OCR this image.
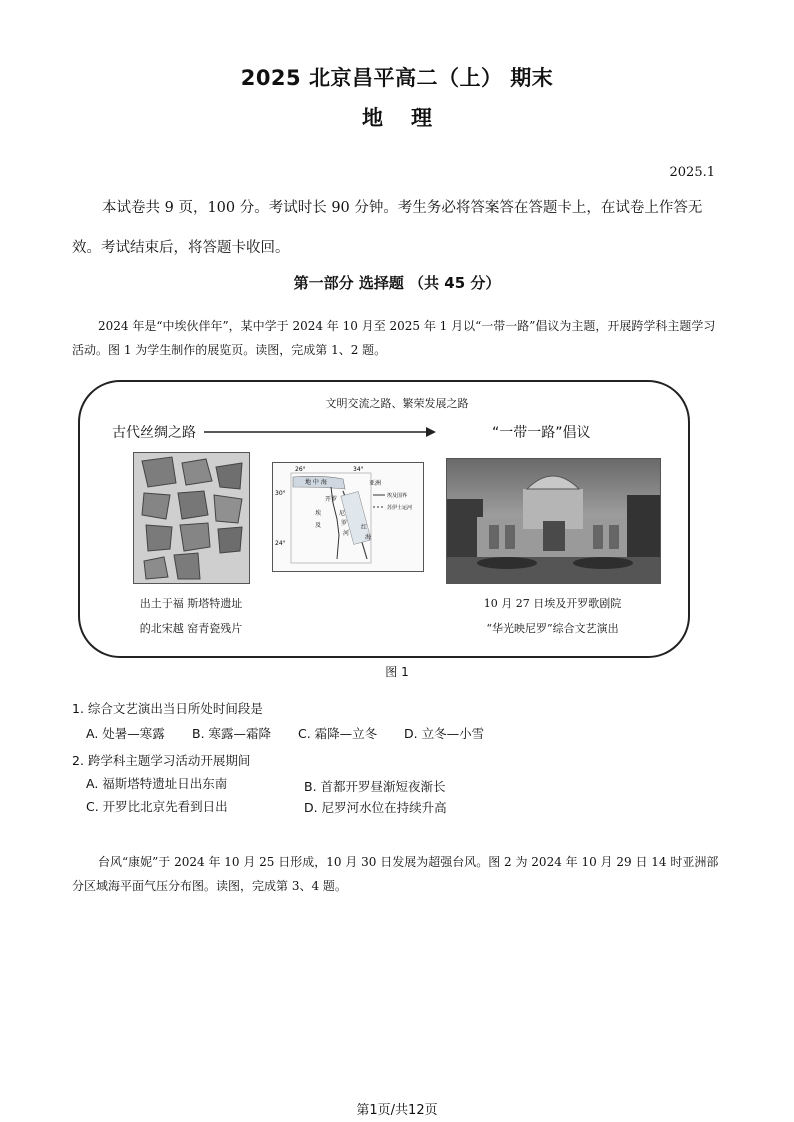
2025 北京昌平高二（上） 期末
地理
2025.1
本试卷共 9 页，100 分。考试时长 90 分钟。考生务必将答案答在答题卡上，在试卷上作答无效。考试结束后，将答题卡收回。
第一部分 选择题 （共 45 分）
2024 年是“中埃伙伴年”，某中学于 2024 年 10 月至 2025 年 1 月以“一带一路”倡议为主题，开展跨学科主题学习活动。图 1 为学生制作的展览页。读图，完成第 1、2 题。
文明交流之路、繁荣发展之路
古代丝绸之路	“一带一路”倡议
26°	34°
30°
24°
地 中 海	亚洲
开罗
埃
及
尼
罗
河
红
海
埃及国界
苏伊士运河
出土于福 斯塔特遗址
的北宋越 窑青瓷残片
10 月 27 日埃及开罗歌剧院
“华光映尼罗”综合文艺演出
图 1
1. 综合文艺演出当日所处时间段是
A. 处暑—寒露 B. 寒露—霜降 C. 霜降—立冬 D. 立冬—小雪
2. 跨学科主题学习活动开展期间
A. 福斯塔特遗址日出东南	B. 首都开罗昼渐短夜渐长
C. 开罗比北京先看到日出	D. 尼罗河水位在持续升高
台风“康妮”于 2024 年 10 月 25 日形成，10 月 30 日发展为超强台风。图 2 为 2024 年 10 月 29 日 14 时亚洲部分区域海平面气压分布图。读图，完成第 3、4 题。
第1页/共12页
